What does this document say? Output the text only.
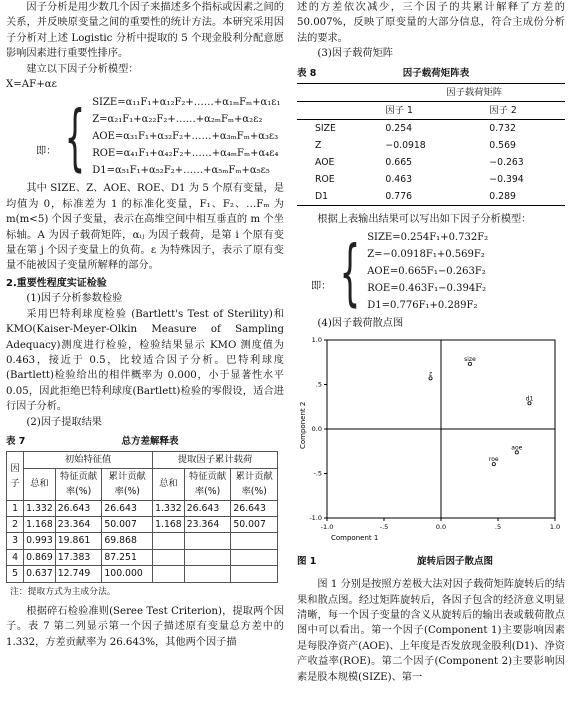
因子分析是用少数几个因子来描述多个指标或因素之间的关系，并反映原变量之间的重要性的统计方法。本研究采用因子分析对上述 Logistic 分析中提取的 5 个现金股利分配意愿影响因素进行重要性排序。

建立以下因子分析模型：

X=AF+αε

即： { SIZE=α₁₁F₁+α₁₂F₂+……+α₁ₘFₘ+α₁ε₁
Z=α₂₁F₁+α₂₂F₂+……+α₂ₘFₘ+α₂ε₂
AOE=α₃₁F₁+α₃₂F₂+……+α₃ₘFₘ+α₃ε₃
ROE=α₄₁F₁+α₄₂F₂+……+α₄ₘFₘ+α₄ε₄
D1=α₅₁F₁+α₅₂F₂+……+α₅ₘFₘ+α₅ε₅

其中 SIZE、Z、AOE、ROE、D1 为 5 个原有变量，是均值为 0，标准差为 1 的标准化变量，F₁、F₂、…Fₘ 为 m(m<5) 个因子变量，表示在高维空间中相互垂直的 m 个坐标轴。A 为因子载荷矩阵，αᵢⱼ 为因子载荷，是第 i 个原有变量在第 j 个因子变量上的负荷。ε 为特殊因子，表示了原有变量不能被因子变量所解释的部分。

2.重要性程度实证检验

(1)因子分析参数检验

采用巴特利球度检验 (Bartlett's Test of Sterility)和 KMO(Kaiser-Meyer-Olkin Measure of Sampling Adequacy)测度进行检验，检验结果显示 KMO 测度值为 0.463，接近于 0.5，比较适合因子分析。巴特利球度(Bartlett)检验给出的相伴概率为 0.000，小于显著性水平 0.05，因此拒绝巴特利球度(Bartlett)检验的零假设，适合进行因子分析。

(2)因子提取结果

表 7	总方差解释表
因子	初始特征值			提取因子累计载荷		
	总和	特征贡献率(%)	累计贡献率(%)	总和	特征贡献率(%)	累计贡献率(%)
1	1.332	26.643	26.643	1.332	26.643	26.643
2	1.168	23.364	50.007	1.168	23.364	50.007
3	0.993	19.861	69.868			
4	0.869	17.383	87.251			
5	0.637	12.749	100.000			

注：提取方式为主成分法。

根据碎石检验准则(Seree Test Criterion)，提取两个因子。表 7 第二列显示第一个因子描述原有变量总方差中的 1.332，方差贡献率为 26.643%，其他两个因子描

述的方差依次减少，三个因子的共累计解释了方差的 50.007%，反映了原变量的大部分信息，符合主成份分析法的要求。

(3)因子载荷矩阵

表 8	因子载荷矩阵表
	因子载荷矩阵	
	因子 1	因子 2
SIZE	0.254	0.732
Z	−0.0918	0.569
AOE	0.665	−0.263
ROE	0.463	−0.394
D1	0.776	0.289

根据上表输出结果可以写出如下因子分析模型：

即： { SIZE=0.254F₁+0.732F₂
Z=−0.0918F₁+0.569F₂
AOE=0.665F₁−0.263F₂
ROE=0.463F₁−0.394F₂
D1=0.776F₁+0.289F₂

(4)因子载荷散点图

-1.0	-.5	0.0	.5	1.0
1.0
.5
0.0
-.5
-1.0
Component 1
Component 2
size
z
d1
aoe
roe
图 1	旋转后因子散点图

图 1 分别是按照方差极大法对因子载荷矩阵旋转后的结果和散点图。经过矩阵旋转后，各因子包含的经济意义明显清晰，每一个因子变量的含义从旋转后的输出表或载荷散点图中可以看出。第一个因子(Component 1)主要影响因素是每股净资产(AOE)、上年度是否发放现金股利(D1)、净资产收益率(ROE)。第二个因子(Component 2)主要影响因素是股本规模(SIZE)、第一
